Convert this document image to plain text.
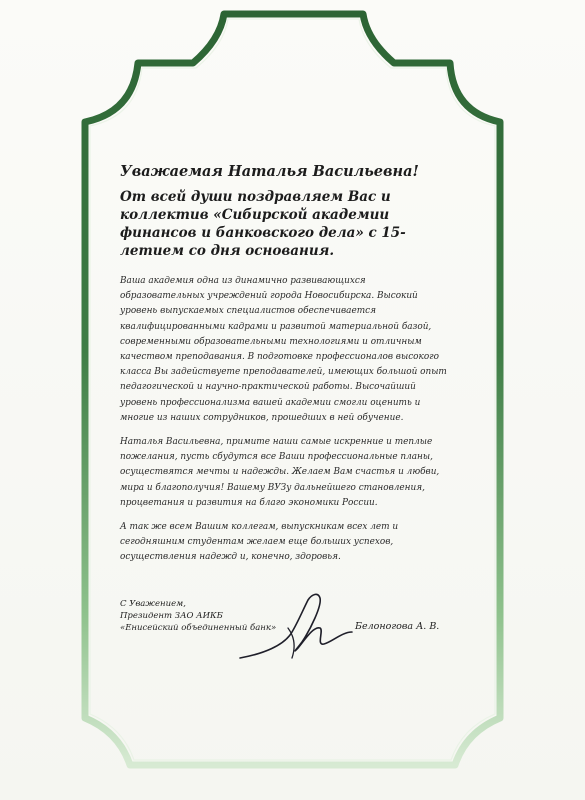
Уважаемая Наталья Васильевна!
От всей души поздравляем Вас и коллектив «Сибирской академии финансов и банковского дела» с 15-летием со дня основания.
Ваша академия одна из динамично развивающихся образовательных учреждений города Новосибирска. Высокий уровень выпускаемых специалистов обеспечивается квалифицированными кадрами и развитой материальной базой, современными образовательными технологиями и отличным качеством преподавания. В подготовке профессионалов высокого класса Вы задействуете преподавателей, имеющих большой опыт педагогической и научно-практической работы. Высочайший уровень профессионализма вашей академии смогли оценить и многие из наших сотрудников, прошедших в ней обучение.
Наталья Васильевна, примите наши самые искренние и теплые пожелания, пусть сбудутся все Ваши профессиональные планы, осуществятся мечты и надежды. Желаем Вам счастья и любви, мира и благополучия! Вашему ВУЗу дальнейшего становления, процветания и развития на благо экономики России.
А так же всем Вашим коллегам, выпускникам всех лет и сегодняшним студентам желаем еще больших успехов, осуществления надежд и, конечно, здоровья.
С Уважением,
Президент ЗАО АИКБ
«Енисейский объединенный банк»	Белоногова А. В.
